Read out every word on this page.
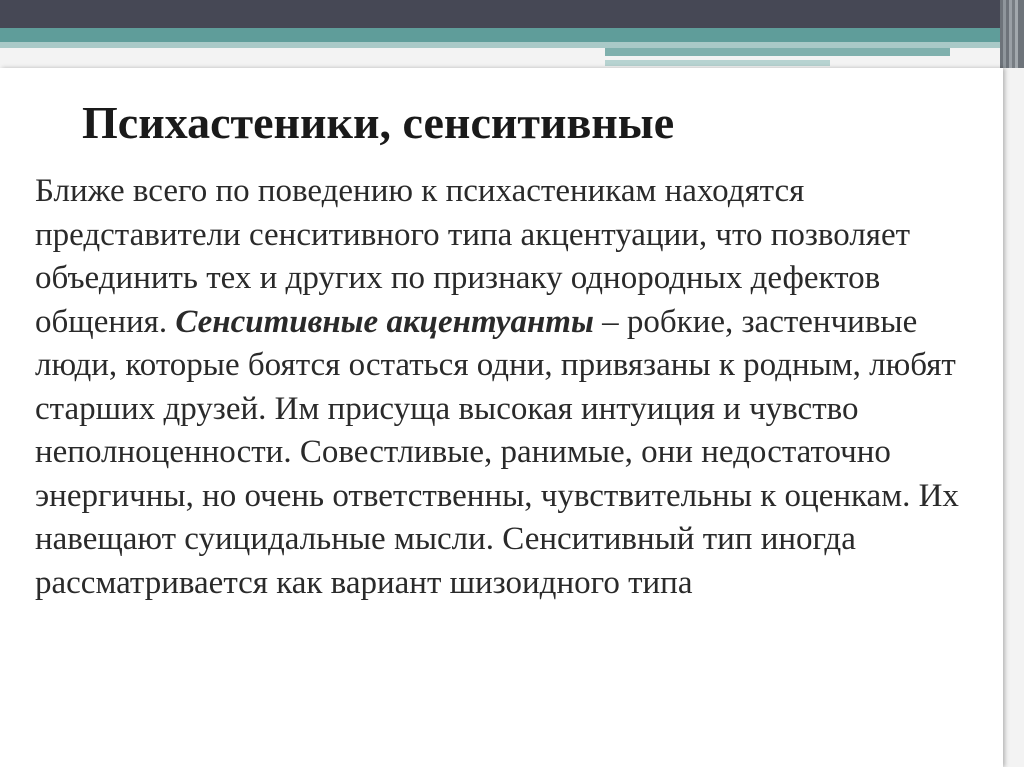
Психастеники, сенситивные

Ближе всего по поведению к психастеникам находятся представители сенситивного типа акцентуации, что позволяет объединить тех и других по признаку однородных дефектов общения. Сенситивные акцентуанты – робкие, застенчивые люди, которые боятся остаться одни, привязаны к родным, любят старших друзей. Им присуща высокая интуиция и чувство неполноценности. Совестливые, ранимые, они недостаточно энергичны, но очень ответственны, чувствительны к оценкам. Их навещают суицидальные мысли. Сенситивный тип иногда рассматривается как вариант шизоидного типа
